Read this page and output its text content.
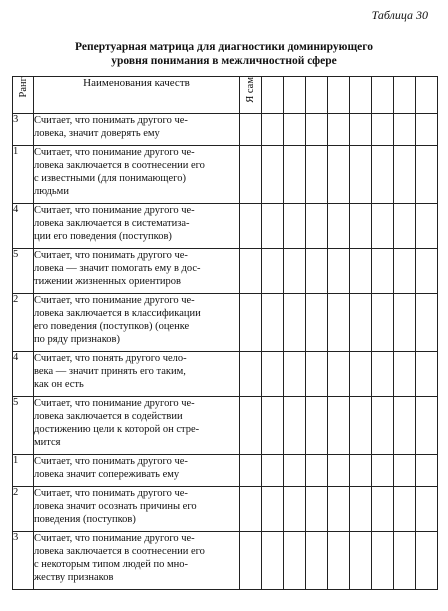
Таблица 30
Репертуарная матрица для диагностики доминирующего
уровня понимания в межличностной сфере
Ранг	Наименования качеств	Я сам								
3	Считает, что понимать другого че-
ловека, значит доверять ему									
1	Считает, что понимание другого че-
ловека заключается в соотнесении его
с известными (для понимающего)
людьми									
4	Считает, что понимание другого че-
ловека заключается в систематиза-
ции его поведения (поступков)									
5	Считает, что понимать другого че-
ловека — значит помогать ему в дос-
тижении жизненных ориентиров									
2	Считает, что понимание другого че-
ловека заключается в классификации
его поведения (поступков) (оценке
по ряду признаков)									
4	Считает, что понять другого чело-
века — значит принять его таким,
как он есть									
5	Считает, что понимание другого че-
ловека заключается в содействии
достижению цели к которой он стре-
мится									
1	Считает, что понимать другого че-
ловека значит сопереживать ему									
2	Считает, что понимать другого че-
ловека значит осознать причины его
поведения (поступков)									
3	Считает, что понимание другого че-
ловека заключается в соотнесении его
с некоторым типом людей по мно-
жеству признаков									
